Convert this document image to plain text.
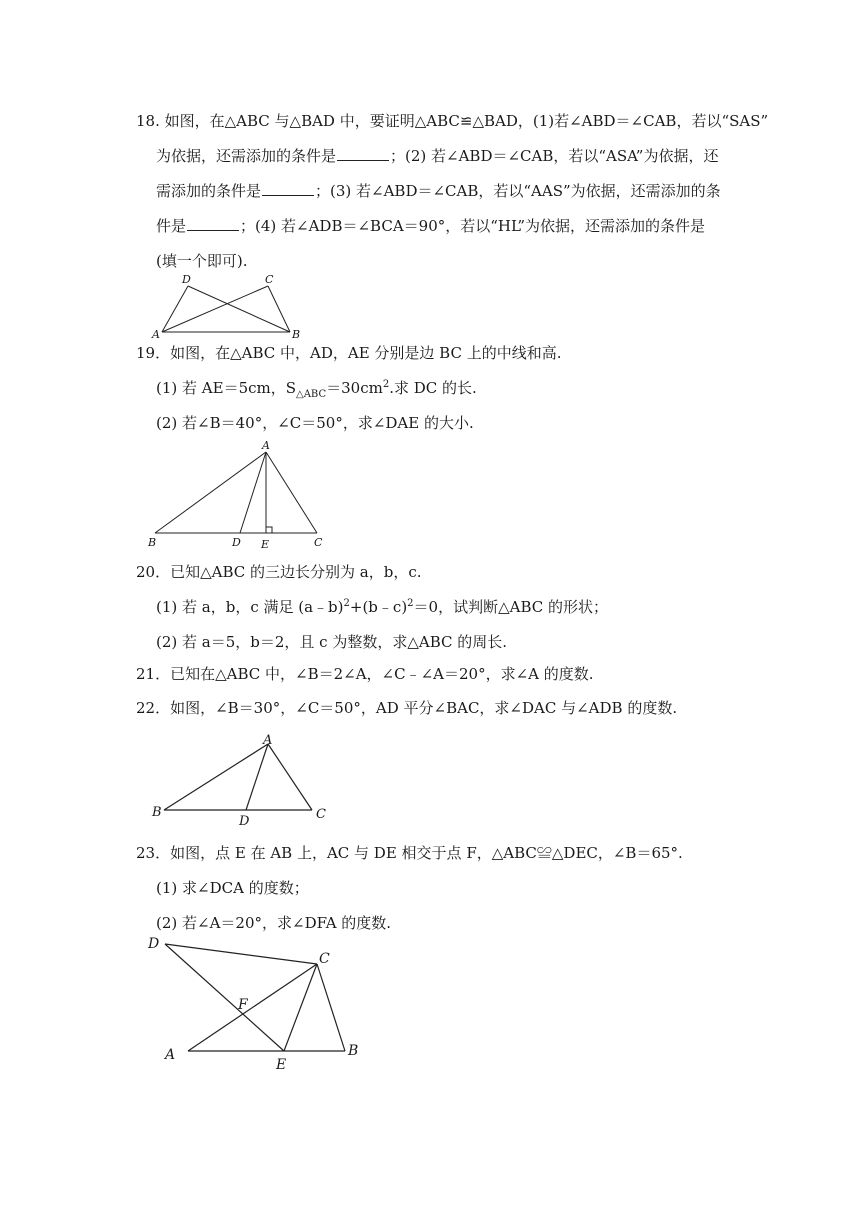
18. 如图，在△ABC 与△BAD 中，要证明△ABC≌△BAD，(1)若∠ABD＝∠CAB，若以“SAS”
为依据，还需添加的条件是	；(2) 若∠ABD＝∠CAB，若以“ASA”为依据，还
需添加的条件是	；(3) 若∠ABD＝∠CAB，若以“AAS”为依据，还需添加的条
件是	；(4) 若∠ADB＝∠BCA＝90°，若以“HL”为依据，还需添加的条件是
(填一个即可).
A	B
C
D
19．如图，在△ABC 中，AD，AE 分别是边 BC 上的中线和高.
(1) 若 AE＝5cm，$S_{\triangle ABC}=30cm^2$.求 DC 的长.
(2) 若∠B＝40°，∠C＝50°，求∠DAE 的大小.
A
B	C
D E
20．已知△ABC 的三边长分别为 a，b，c.
(1) 若 a，b，c 满足 (a﹣b)$^2$+(b﹣c)$^2$＝0，试判断△ABC 的形状；
(2) 若 a＝5，b＝2，且 c 为整数，求△ABC 的周长.
21．已知在△ABC 中，∠B＝2∠A，∠C﹣∠A＝20°，求∠A 的度数.
22．如图，∠B＝30°，∠C＝50°，AD 平分∠BAC，求∠DAC 与∠ADB 的度数.
A
B	C
D
23．如图，点 E 在 AB 上，AC 与 DE 相交于点 F，△ABC≌△DEC，∠B＝65°.
(1) 求∠DCA 的度数；
(2) 若∠A＝20°，求∠DFA 的度数.
D
C
F
A	B
E
